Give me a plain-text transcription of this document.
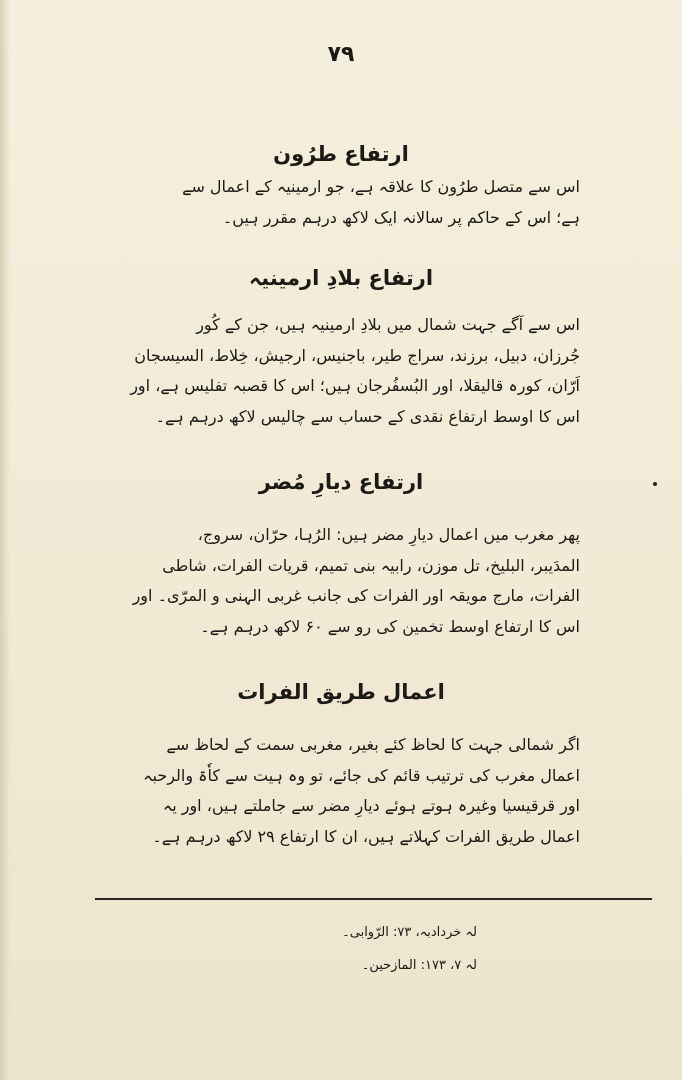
۷۹
ارتفاع طرُون

اس سے متصل طرُون کا علاقہ ہے، جو ارمینیہ کے اعمال سے
ہے؛ اس کے حاکم پر سالانہ ایک لاکھ درہم مقرر ہیں۔

ارتفاع بلادِ ارمینیہ

اس سے آگے جہت شمال میں بلادِ ارمینیہ ہیں، جن کے کُور
جُرزان، دبیل، برزند، سراج طیر، باجنیس، ارجیش، خِلاط، السیسجان
اَرّان، کورہ قالیقلا، اور البُسفُرجان ہیں؛ اس کا قصبہ تفلیس ہے، اور
اس کا اوسط ارتفاع نقدی کے حساب سے چالیس لاکھ درہم ہے۔

ارتفاع دیارِ مُضر

پھر مغرب میں اعمال دیارِ مضر ہیں: الرُہا، حرّان، سروج،
المدَیبر، البلیخ، تل موزن، رابیہ بنی تمیم، قریات الفرات، شاطی
الفرات، مارج مویقہ اور الفرات کی جانب غربی الہنی و المرّی۔ اور
اس کا ارتفاع اوسط تخمین کی رو سے ۶۰ لاکھ درہم ہے۔

اعمال طریق الفرات

اگر شمالی جہت کا لحاظ کئے بغیر، مغربی سمت کے لحاظ سے
اعمال مغرب کی ترتیب قائم کی جائے، تو وہ ہیت سے کاٗۃ والرحبہ
اور قرقیسیا وغیرہ ہوتے ہوئے دیارِ مضر سے جاملتے ہیں، اور یہ
اعمال طریق الفرات کہلاتے ہیں، ان کا ارتفاع ۲۹ لاکھ درہم ہے۔

لہ خردادبہ، ۷۳: الرّوابی۔
لہ ۷، ۱۷۳: المازحین۔
